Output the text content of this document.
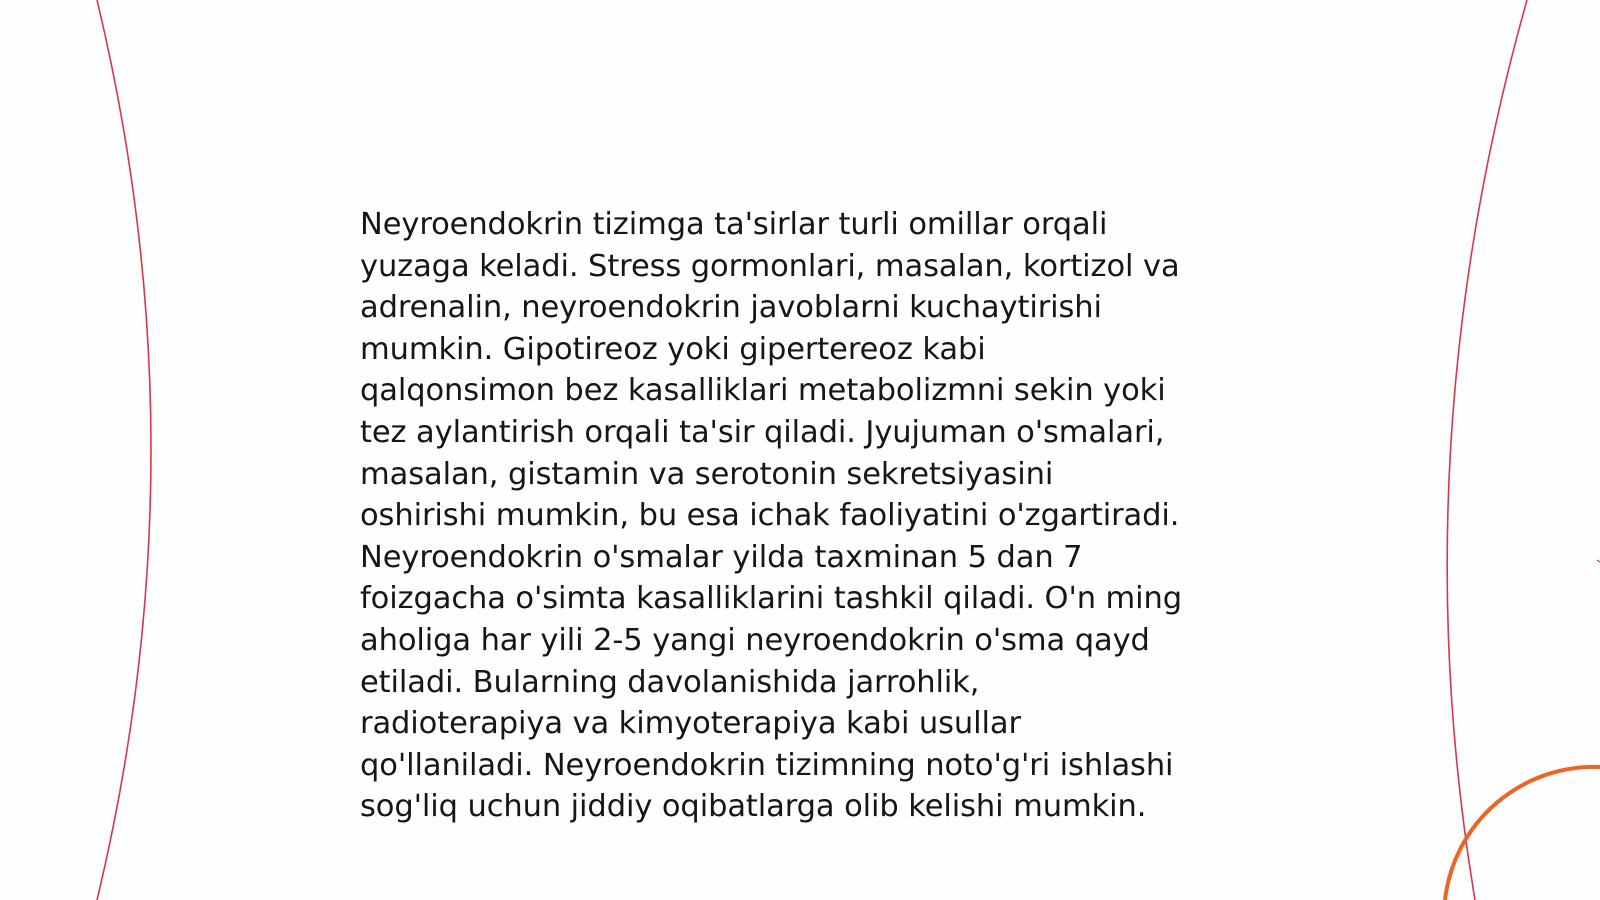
Neyroendokrin tizimga ta'sirlar turli omillar orqali
yuzaga keladi. Stress gormonlari, masalan, kortizol va
adrenalin, neyroendokrin javoblarni kuchaytirishi
mumkin. Gipotireoz yoki gipertereoz kabi
qalqonsimon bez kasalliklari metabolizmni sekin yoki
tez aylantirish orqali ta'sir qiladi. Jyujuman o'smalari,
masalan, gistamin va serotonin sekretsiyasini
oshirishi mumkin, bu esa ichak faoliyatini o'zgartiradi.
Neyroendokrin o'smalar yilda taxminan 5 dan 7
foizgacha o'simta kasalliklarini tashkil qiladi. O'n ming
aholiga har yili 2-5 yangi neyroendokrin o'sma qayd
etiladi. Bularning davolanishida jarrohlik,
radioterapiya va kimyoterapiya kabi usullar
qo'llaniladi. Neyroendokrin tizimning noto'g'ri ishlashi
sog'liq uchun jiddiy oqibatlarga olib kelishi mumkin.
